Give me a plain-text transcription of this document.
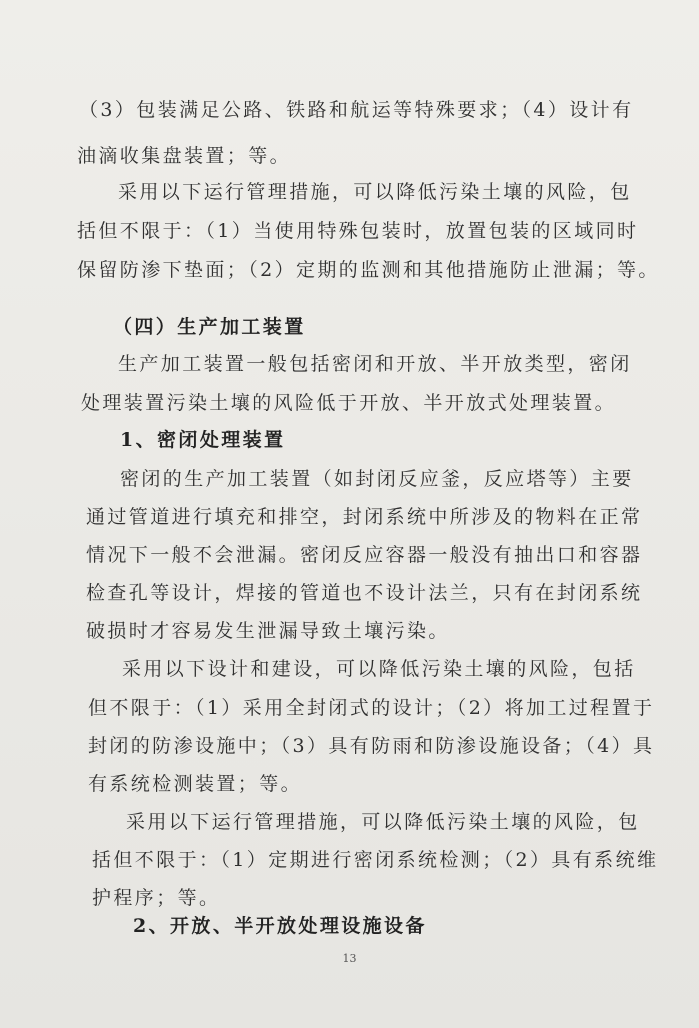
（3）包装满足公路、铁路和航运等特殊要求；（4）设计有
油滴收集盘装置；等。
采用以下运行管理措施，可以降低污染土壤的风险，包
括但不限于：（1）当使用特殊包装时，放置包装的区域同时
保留防渗下垫面；（2）定期的监测和其他措施防止泄漏；等。
（四）生产加工装置
生产加工装置一般包括密闭和开放、半开放类型，密闭
处理装置污染土壤的风险低于开放、半开放式处理装置。
1、密闭处理装置
密闭的生产加工装置（如封闭反应釜，反应塔等）主要
通过管道进行填充和排空，封闭系统中所涉及的物料在正常
情况下一般不会泄漏。密闭反应容器一般没有抽出口和容器
检查孔等设计，焊接的管道也不设计法兰，只有在封闭系统
破损时才容易发生泄漏导致土壤污染。
采用以下设计和建设，可以降低污染土壤的风险，包括
但不限于：（1）采用全封闭式的设计；（2）将加工过程置于
封闭的防渗设施中；（3）具有防雨和防渗设施设备；（4）具
有系统检测装置；等。
采用以下运行管理措施，可以降低污染土壤的风险，包
括但不限于：（1）定期进行密闭系统检测；（2）具有系统维
护程序；等。
2、开放、半开放处理设施设备
13
